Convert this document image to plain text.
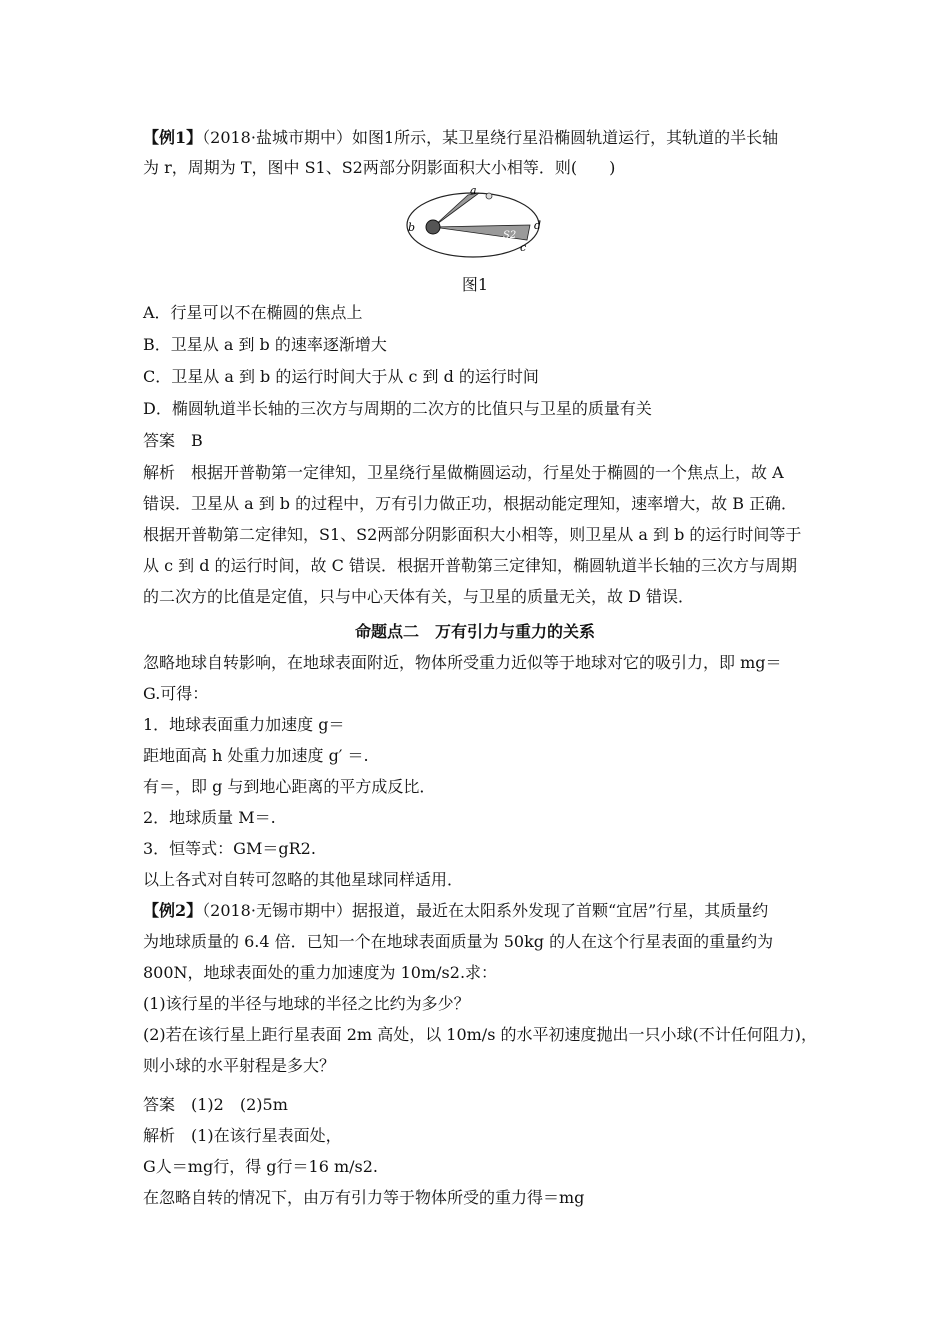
【例1】（2018·盐城市期中）如图1所示，某卫星绕行星沿椭圆轨道运行，其轨道的半长轴
为 r，周期为 T，图中 S1、S2两部分阴影面积大小相等．则(　　)
a
b
c
d
S1
S2
图1
A．行星可以不在椭圆的焦点上
B．卫星从 a 到 b 的速率逐渐增大
C．卫星从 a 到 b 的运行时间大于从 c 到 d 的运行时间
D．椭圆轨道半长轴的三次方与周期的二次方的比值只与卫星的质量有关
答案　B
解析　根据开普勒第一定律知，卫星绕行星做椭圆运动，行星处于椭圆的一个焦点上，故 A
错误．卫星从 a 到 b 的过程中，万有引力做正功，根据动能定理知，速率增大，故 B 正确．
根据开普勒第二定律知，S1、S2两部分阴影面积大小相等，则卫星从 a 到 b 的运行时间等于
从 c 到 d 的运行时间，故 C 错误．根据开普勒第三定律知，椭圆轨道半长轴的三次方与周期
的二次方的比值是定值，只与中心天体有关，与卫星的质量无关，故 D 错误．
命题点二　万有引力与重力的关系
忽略地球自转影响，在地球表面附近，物体所受重力近似等于地球对它的吸引力，即 mg＝
G.可得：
1．地球表面重力加速度 g＝
距地面高 h 处重力加速度 g′ ＝.
有＝，即 g 与到地心距离的平方成反比．
2．地球质量 M＝.
3．恒等式：GM＝gR2.
以上各式对自转可忽略的其他星球同样适用．
【例2】（2018·无锡市期中）据报道，最近在太阳系外发现了首颗“宜居”行星，其质量约
为地球质量的 6.4 倍．已知一个在地球表面质量为 50kg 的人在这个行星表面的重量约为
800N，地球表面处的重力加速度为 10m/s2.求：
(1)该行星的半径与地球的半径之比约为多少？
(2)若在该行星上距行星表面 2m 高处，以 10m/s 的水平初速度抛出一只小球(不计任何阻力)，
则小球的水平射程是多大？
答案　(1)2　(2)5m
解析　(1)在该行星表面处，
G人＝mg行，得 g行＝16 m/s2.
在忽略自转的情况下，由万有引力等于物体所受的重力得＝mg
